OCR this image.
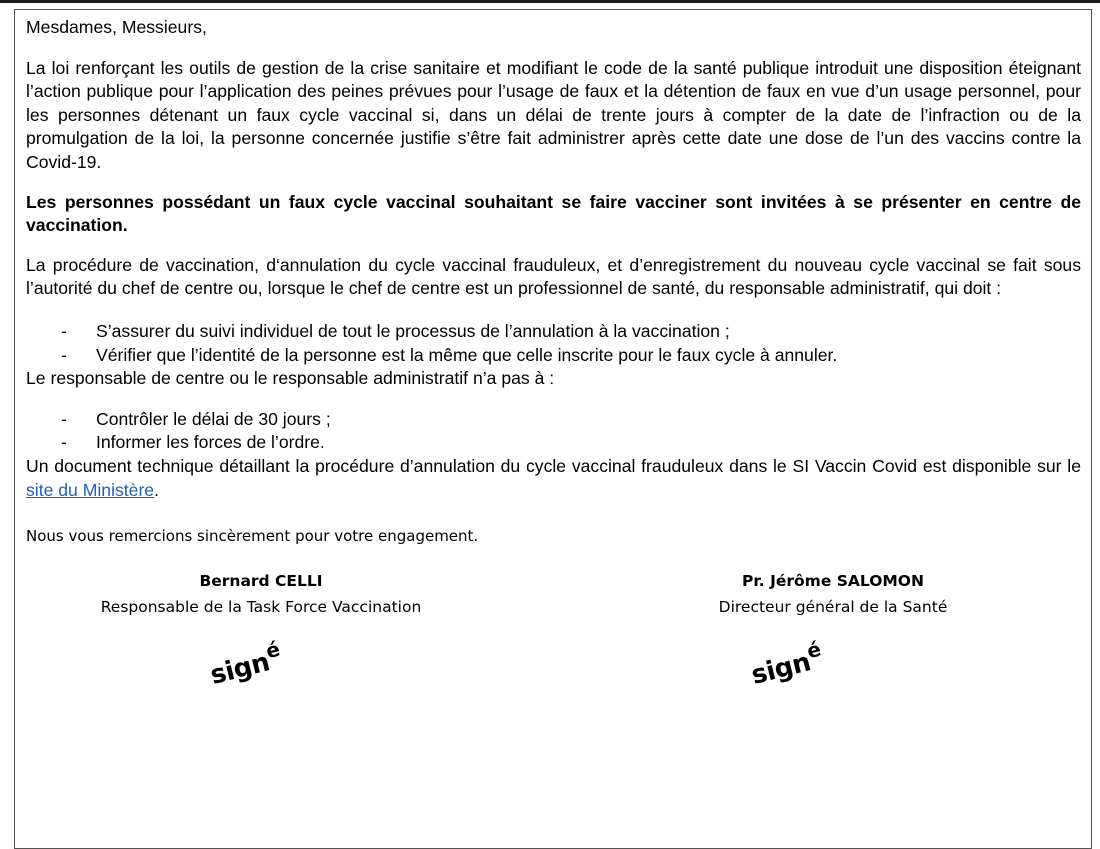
Mesdames, Messieurs,

La loi renforçant les outils de gestion de la crise sanitaire et modifiant le code de la santé publique introduit une disposition éteignant l’action publique pour l’application des peines prévues pour l’usage de faux et la détention de faux en vue d’un usage personnel, pour les personnes détenant un faux cycle vaccinal si, dans un délai de trente jours à compter de la date de l’infraction ou de la promulgation de la loi, la personne concernée justifie s’être fait administrer après cette date une dose de l’un des vaccins contre la Covid-19.

Les personnes possédant un faux cycle vaccinal souhaitant se faire vacciner sont invitées à se présenter en centre de vaccination.

La procédure de vaccination, d‘annulation du cycle vaccinal frauduleux, et d’enregistrement du nouveau cycle vaccinal se fait sous l’autorité du chef de centre ou, lorsque le chef de centre est un professionnel de santé, du responsable administratif, qui doit :

- S’assurer du suivi individuel de tout le processus de l’annulation à la vaccination ;
- Vérifier que l’identité de la personne est la même que celle inscrite pour le faux cycle à annuler.

Le responsable de centre ou le responsable administratif n’a pas à :

- Contrôler le délai de 30 jours ;
- Informer les forces de l’ordre.

Un document technique détaillant la procédure d’annulation du cycle vaccinal frauduleux dans le SI Vaccin Covid est disponible sur le site du Ministère.

Nous vous remercions sincèrement pour votre engagement.

Bernard CELLI
Responsable de la Task Force Vaccination
Pr. Jérôme SALOMON
Directeur général de la Santé
sign$^é$	sign$^é$
